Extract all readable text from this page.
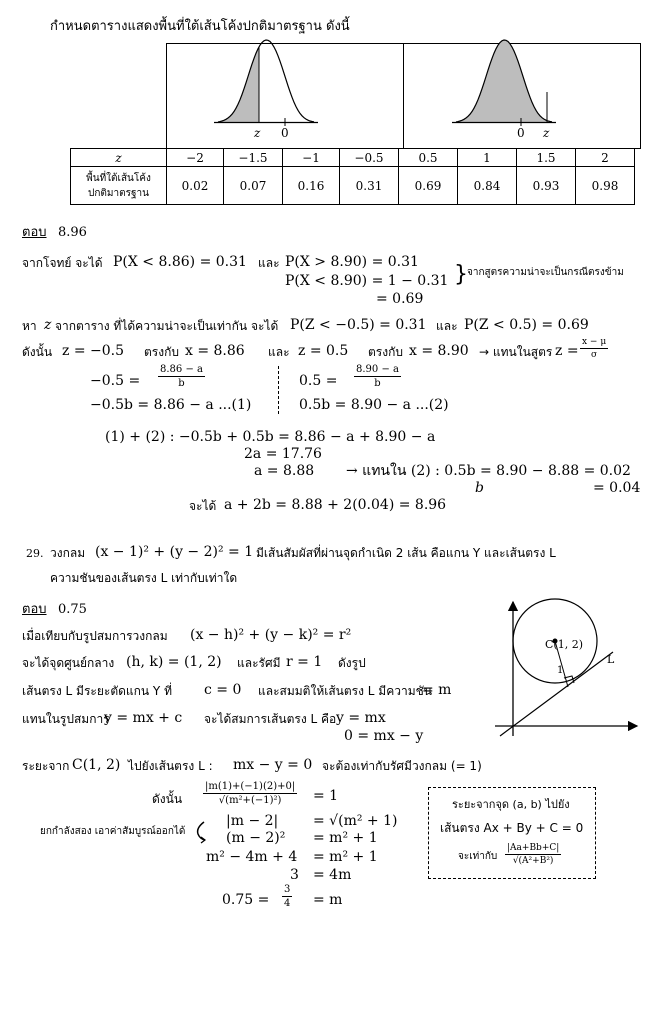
กำหนดตารางแสดงพื้นที่ใต้เส้นโค้งปกติมาตรฐาน ดังนี้
z 0	0 z
z	−2	−1.5	−1	−0.5	0.5	1	1.5	2
พื้นที่ใต้เส้นโค้ง
ปกติมาตรฐาน	0.02	0.07	0.16	0.31	0.69	0.84	0.93	0.98
ตอบ 8.96
จากโจทย์ จะได้ P(X < 8.86) = 0.31 และ P(X > 8.90) = 0.31
P(X < 8.90) = 1 − 0.31 } จากสูตรความน่าจะเป็นกรณีตรงข้าม
= 0.69
หา z จากตาราง ที่ได้ความน่าจะเป็นเท่ากัน จะได้ P(Z < −0.5) = 0.31 และ P(Z < 0.5) = 0.69
ดังนั้น z = −0.5 ตรงกับ x = 8.86 และ z = 0.5 ตรงกับ x = 8.90 → แทนในสูตร $z = \frac{x - \mu}{\sigma}$
$-0.5 = \frac{8.86 - a}{b}$	$0.5 = \frac{8.90 - a}{b}$
−0.5b = 8.86 − a ...(1)	0.5b = 8.90 − a ...(2)
(1) + (2) : −0.5b + 0.5b = 8.86 − a + 8.90 − a
2a = 17.76
a = 8.88 → แทนใน (2) : 0.5b = 8.90 − 8.88 = 0.02
b	= 0.04
จะได้ a + 2b = 8.88 + 2(0.04) = 8.96
29. วงกลม (x − 1)² + (y − 2)² = 1 มีเส้นสัมผัสที่ผ่านจุดกำเนิด 2 เส้น คือแกน Y และเส้นตรง L
ความชันของเส้นตรง L เท่ากับเท่าใด
ตอบ 0.75
เมื่อเทียบกับรูปสมการวงกลม (x − h)² + (y − k)² = r²
จะได้จุดศูนย์กลาง (h, k) = (1, 2) และรัศมี r = 1 ดังรูป
เส้นตรง L มีระยะตัดแกน Y ที่ c = 0 และสมมติให้เส้นตรง L มีความชัน
= m
แทนในรูปสมการ
y = mx + c จะได้สมการเส้นตรง L คือ y = mx
0 = mx − y
ระยะจาก C(1, 2) ไปยังเส้นตรง L : mx − y = 0 จะต้องเท่ากับรัศมีวงกลม (= 1)
ดังนั้น $\frac{|m(1)+(-1)(2)+0|}{\text{√(m²+(−1)²)}} = 1$
ยกกำลังสอง เอาค่าสัมบูรณ์ออกได้
|m − 2| = √(m² + 1)
(m − 2)² = m² + 1
m² − 4m + 4 = m² + 1
3 = 4m
$0.75 = \frac{3}{4} = m$
ระยะจากจุด (a, b) ไปยัง
เส้นตรง Ax + By + C = 0
จะเท่ากับ $\frac{|Aa+Bb+C|}{\text{√(A²+B²)}}$
C(1, 2)
1
L
